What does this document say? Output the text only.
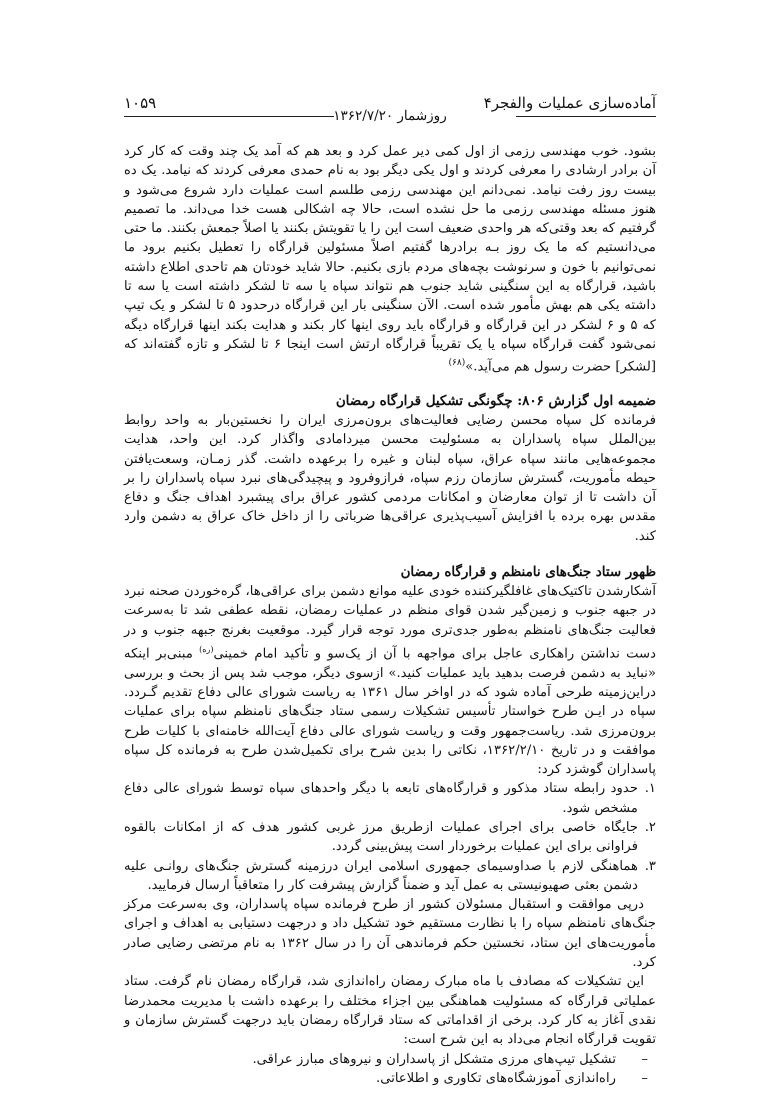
آماده‌سازی عملیات والفجر۴
۱۰۵۹
روزشمار ۱۳۶۲/۷/۲۰

بشود. خوب مهندسی رزمی از اول کمی دیر عمل کرد و بعد هم که آمد یک چند وقت که کار کرد آن برادر ارشادی را معرفی کردند و اول یکی دیگر بود به نام حمدی معرفی کردند که نیامد. یک ده بیست روز رفت نیامد. نمی‌دانم این مهندسی رزمی طلسم است عملیات دارد شروع می‌شود و هنوز مسئله مهندسی رزمی ما حل نشده است، حالا چه اشکالی هست خدا می‌داند. ما تصمیم گرفتیم که بعد وقتی‌که هر واحدی ضعیف است این را یا تقویتش بکنند یا اصلاً جمعش بکنند. ما حتی می‌دانستیم که ما یک روز بـه برادرها گفتیم اصلاً مسئولین قرارگاه را تعطیل بکنیم برود ما نمی‌توانیم با خون و سرنوشت بچه‌های مردم بازی بکنیم. حالا شاید خودتان هم تاحدی اطلاع داشته باشید، قرارگاه به این سنگینی شاید جنوب هم نتواند سپاه یا سه تا لشکر داشته است یا سه تا داشته یکی هم بهش مأمور شده است. الآن سنگینی بار این قرارگاه درحدود ۵ تا لشکر و یک تیپ که ۵ و ۶ لشکر در این قرارگاه و قرارگاه باید روی اینها کار بکند و هدایت بکند اینها قرارگاه دیگه نمی‌شود گفت قرارگاه سپاه یا یک تقریباً قرارگاه ارتش است اینجا ۶ تا لشکر و تازه گفته‌اند که [لشکر] حضرت رسول هم می‌آید.»$^{(۶۸)}$

ضمیمه اول گزارش ۸۰۶: چگونگی تشکیل قرارگاه رمضان

فرمانده کل سپاه محسن رضایی فعالیت‌های برون‌مرزی ایران را نخستین‌بار به واحد روابط بین‌الملل سپاه پاسداران به مسئولیت محسن میردامادی واگذار کرد. این واحد، هدایت مجموعه‌هایی مانند سپاه عراق، سپاه لبنان و غیره را برعهده داشت. گذر زمـان، وسعت‌یافتن حیطه مأموریت، گسترش سازمان رزم سپاه، فرازوفرود و پیچیدگی‌های نبرد سپاه پاسداران را بر آن داشت تا از توان معارضان و امکانات مردمی کشور عراق برای پیشبرد اهداف جنگ و دفاع مقدس بهره برده با افزایش آسیب‌پذیری عراقی‌ها ضرباتی را از داخل خاک عراق به دشمن وارد کند.

ظهور ستاد جنگ‌های نامنظم و قرارگاه رمضان

آشکارشدن تاکتیک‌های غافلگیرکننده خودی علیه موانع دشمن برای عراقی‌ها، گره‌خوردن صحنه نبرد در جبهه جنوب و زمین‌گیر شدن قوای منظم در عملیات رمضان، نقطه عطفی شد تا به‌سرعت فعالیت جنگ‌های نامنظم به‌طور جدی‌تری مورد توجه قرار گیرد. موقعیت بغرنج جبهه جنوب و در دست نداشتن راهکاری عاجل برای مواجهه با آن از یک‌سو و تأکید امام خمینی$^{(ره)}$ مبنی‌بر اینکه «نباید به دشمن فرصت بدهید باید عملیات کنید.» ازسوی دیگر، موجب شد پس از بحث و بررسی دراین‌زمینه طرحی آماده شود که در اواخر سال ۱۳۶۱ به ریاست شورای عالی دفاع تقدیم گـردد. سپاه در ایـن طرح خواستار تأسیس تشکیلات رسمی ستاد جنگ‌های نامنظم سپاه برای عملیات برون‌مرزی شد. ریاست‌جمهور وقت و ریاست شورای عالی دفاع آیت‌الله خامنه‌ای با کلیات طرح موافقت و در تاریخ ۱۳۶۲/۲/۱۰، نکاتی را بدین شرح برای تکمیل‌شدن طرح به فرمانده کل سپاه پاسداران گوشزد کرد:

۱.
حدود رابطه ستاد مذکور و قرارگاه‌های تابعه با دیگر واحدهای سپاه توسط شورای عالی دفاع مشخص شود.
۲.
جایگاه خاصی برای اجرای عملیات ازطریق مرز غربی کشور هدف که از امکانات بالقوه فراوانی برای این عملیات برخوردار است پیش‌بینی گردد.
۳.
هماهنگی لازم با صداوسیمای جمهوری اسلامی ایران درزمینه گسترش جنگ‌های روانـی علیه دشمن بعثی صهیونیستی به عمل آید و ضمناً گزارش پیشرفت کار را متعاقباً ارسال فرمایید.

درپی موافقت و استقبال مسئولان کشور از طرح فرمانده سپاه پاسداران، وی به‌سرعت مرکز جنگ‌های نامنظم سپاه را با نظارت مستقیم خود تشکیل داد و درجهت دستیابی به اهداف و اجرای مأموریت‌های این ستاد، نخستین حکم فرماندهی آن را در سال ۱۳۶۲ به نام مرتضی رضایی صادر کرد.

این تشکیلات که مصادف با ماه مبارک رمضان راه‌اندازی شد، قرارگاه رمضان نام گرفت. ستاد عملیاتی قرارگاه که مسئولیت هماهنگی بین اجزاء مختلف را برعهده داشت با مدیریت محمدرضا نقدی آغاز به کار کرد. برخی از اقداماتی که ستاد قرارگاه رمضان باید درجهت گسترش سازمان و تقویت قرارگاه انجام می‌داد به این شرح است:

–
تشکیل تیپ‌های مرزی متشکل از پاسداران و نیروهای مبارز عراقی.
–
راه‌اندازی آموزشگاه‌های تکاوری و اطلاعاتی.
